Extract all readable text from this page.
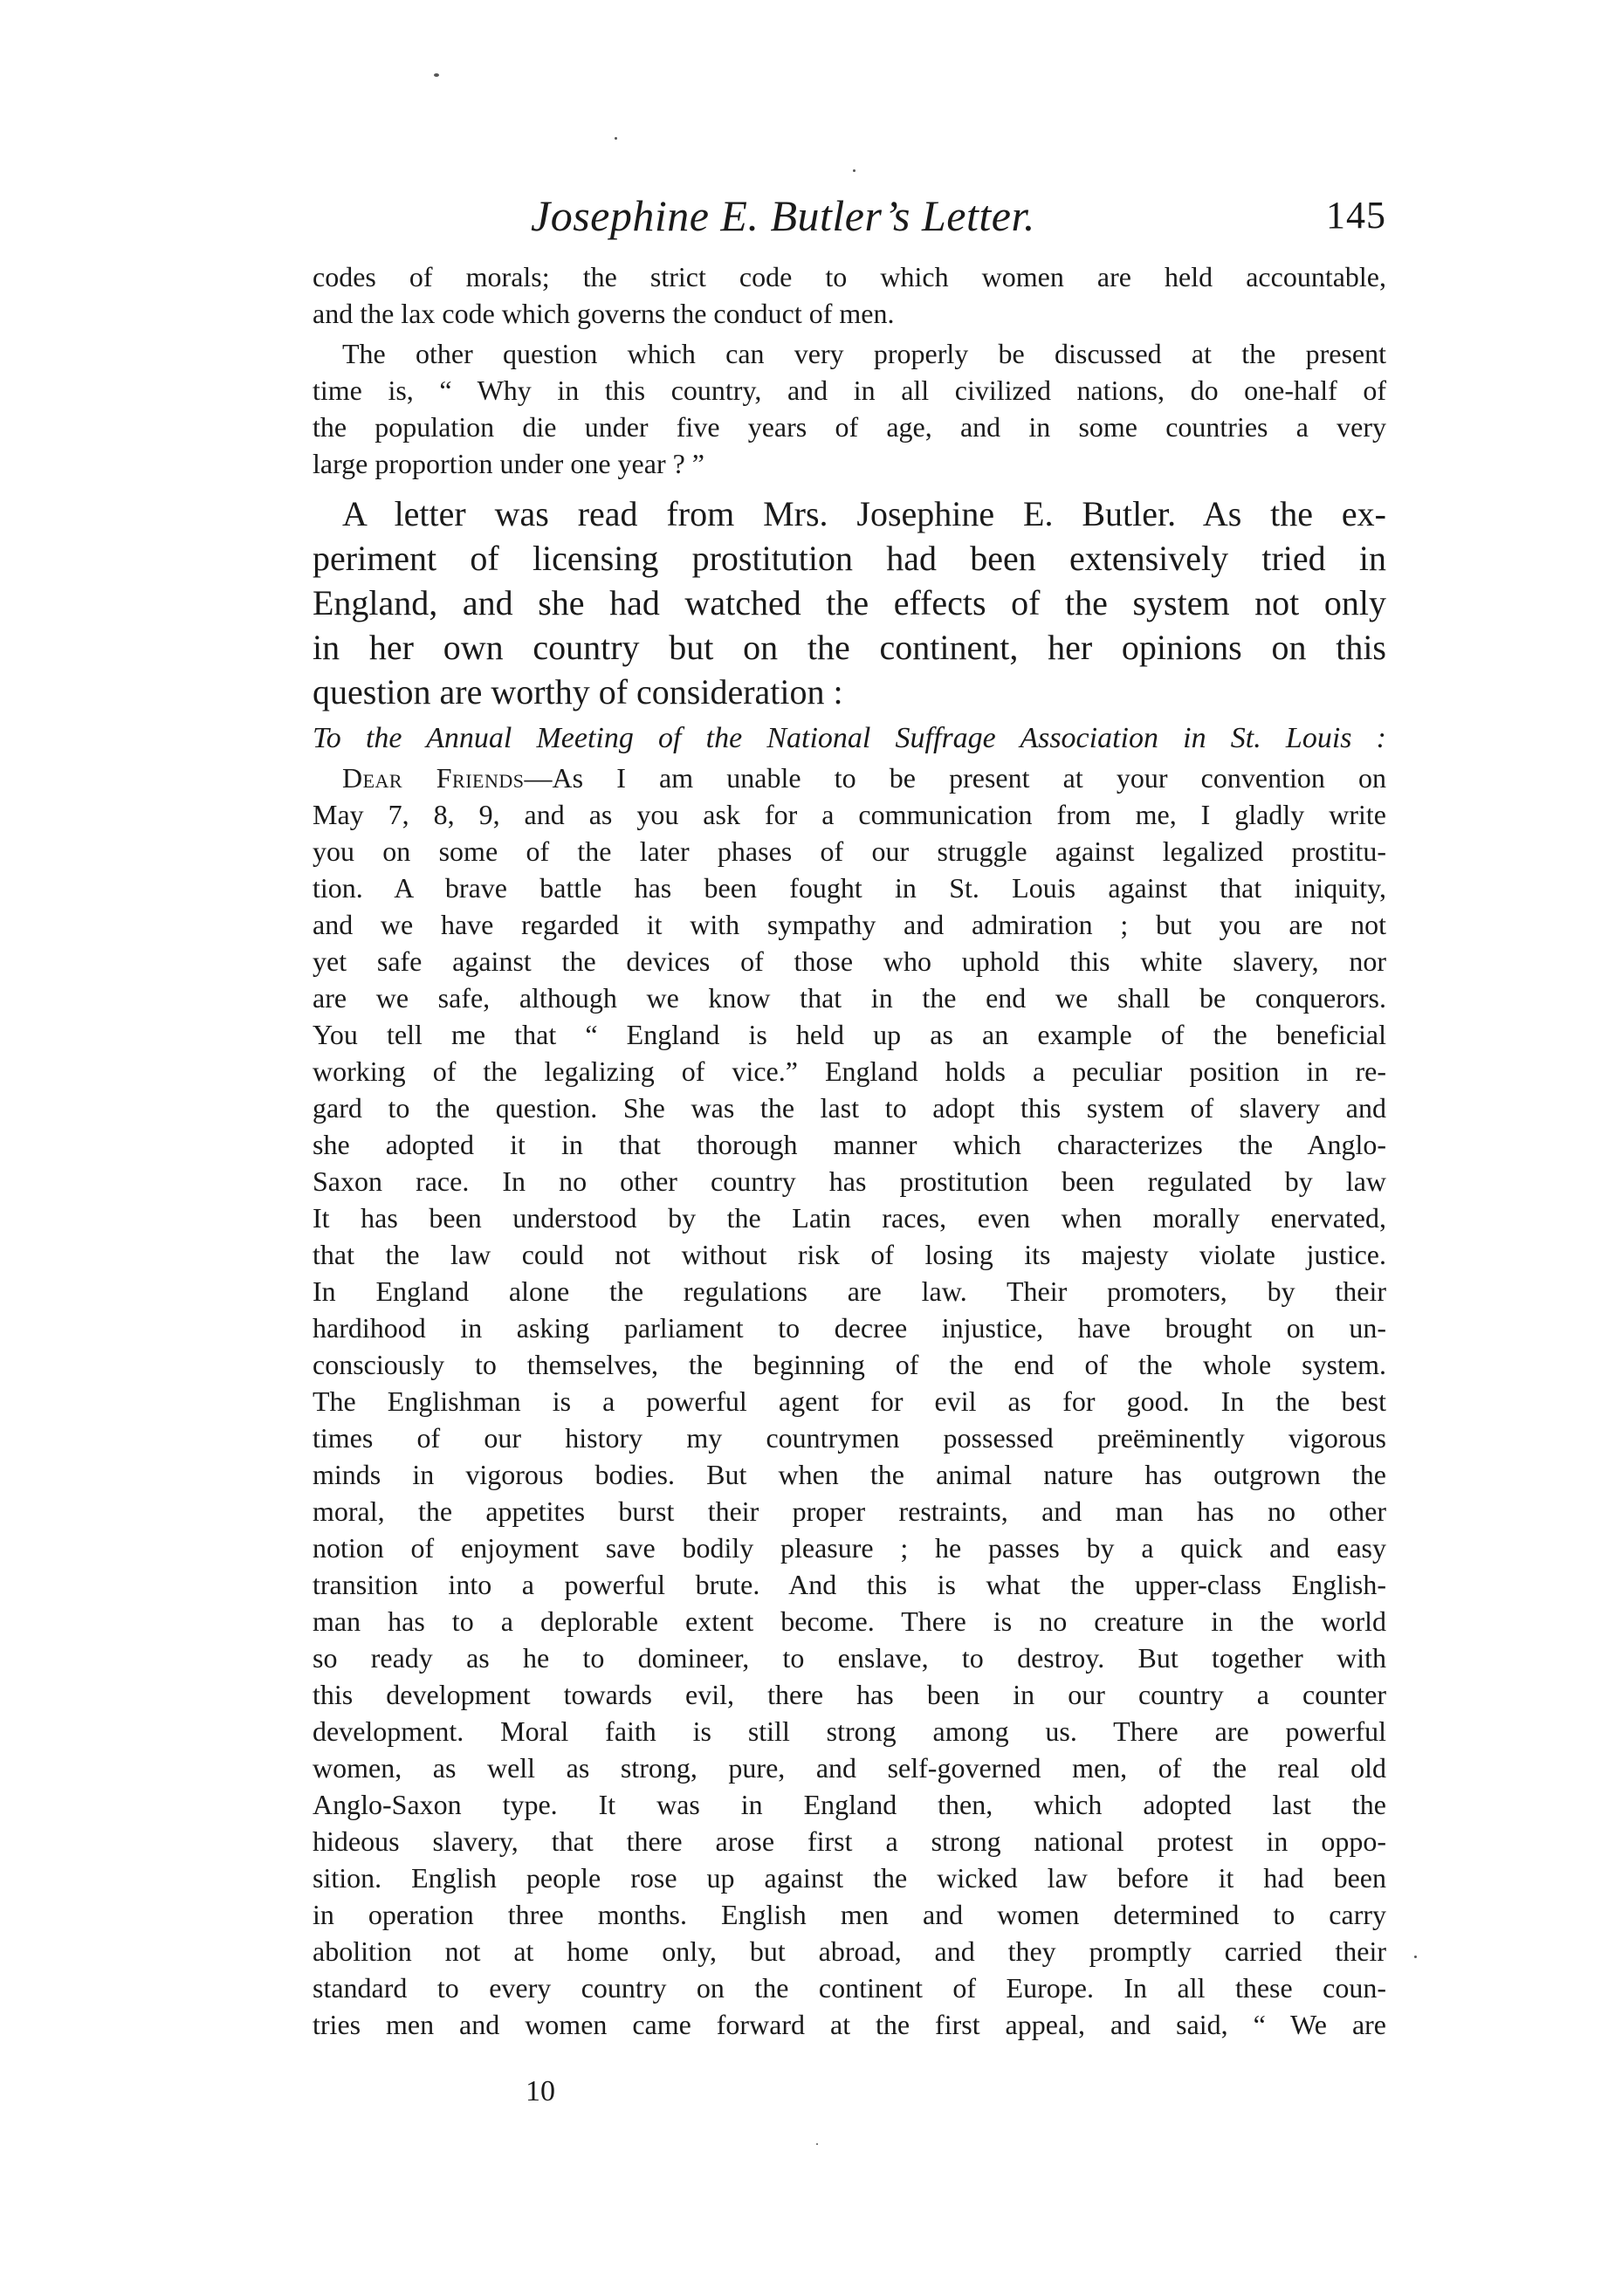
Josephine E. Butler’s Letter.	145
codes of morals; the strict code to which women are held accountable,
and the lax code which governs the conduct of men.
The other question which can very properly be discussed at the present
time is, “ Why in this country, and in all civilized nations, do one-half of
the population die under five years of age, and in some countries a very
large proportion under one year ? ”
A letter was read from Mrs. Josephine E. Butler. As the ex-
periment of licensing prostitution had been extensively tried in
England, and she had watched the effects of the system not only
in her own country but on the continent, her opinions on this
question are worthy of consideration :
To the Annual Meeting of the National Suffrage Association in St. Louis :
Dear Friends—As I am unable to be present at your convention on
May 7, 8, 9, and as you ask for a communication from me, I gladly write
you on some of the later phases of our struggle against legalized prostitu-
tion. A brave battle has been fought in St. Louis against that iniquity,
and we have regarded it with sympathy and admiration ; but you are not
yet safe against the devices of those who uphold this white slavery, nor
are we safe, although we know that in the end we shall be conquerors.
You tell me that “ England is held up as an example of the beneficial
working of the legalizing of vice.” England holds a peculiar position in re-
gard to the question. She was the last to adopt this system of slavery and
she adopted it in that thorough manner which characterizes the Anglo-
Saxon race. In no other country has prostitution been regulated by law
It has been understood by the Latin races, even when morally enervated,
that the law could not without risk of losing its majesty violate justice.
In England alone the regulations are law. Their promoters, by their
hardihood in asking parliament to decree injustice, have brought on un-
consciously to themselves, the beginning of the end of the whole system.
The Englishman is a powerful agent for evil as for good. In the best
times of our history my countrymen possessed preëminently vigorous
minds in vigorous bodies. But when the animal nature has outgrown the
moral, the appetites burst their proper restraints, and man has no other
notion of enjoyment save bodily pleasure ; he passes by a quick and easy
transition into a powerful brute. And this is what the upper-class English-
man has to a deplorable extent become. There is no creature in the world
so ready as he to domineer, to enslave, to destroy. But together with
this development towards evil, there has been in our country a counter
development. Moral faith is still strong among us. There are powerful
women, as well as strong, pure, and self-governed men, of the real old
Anglo-Saxon type. It was in England then, which adopted last the
hideous slavery, that there arose first a strong national protest in oppo-
sition. English people rose up against the wicked law before it had been
in operation three months. English men and women determined to carry
abolition not at home only, but abroad, and they promptly carried their
standard to every country on the continent of Europe. In all these coun-
tries men and women came forward at the first appeal, and said, “ We are
10
